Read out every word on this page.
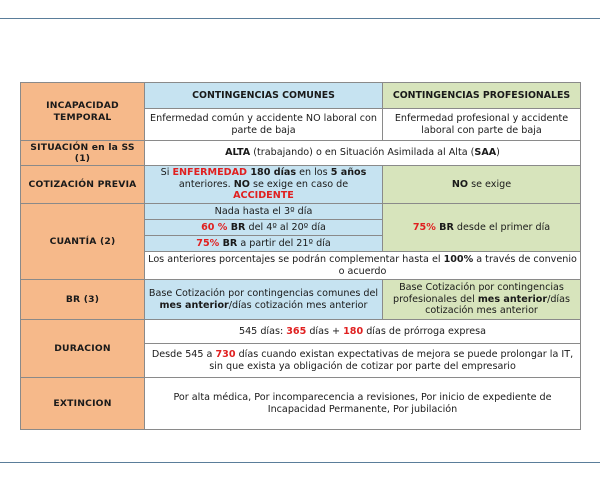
INCAPACIDAD TEMPORAL	CONTINGENCIAS COMUNES	CONTINGENCIAS PROFESIONALES
	Enfermedad común y accidente NO laboral con parte de baja	Enfermedad profesional y accidente laboral con parte de baja
SITUACIÓN en la SS (1)	ALTA (trabajando) o en Situación Asimilada al Alta (SAA)	
COTIZACIÓN PREVIA	Si ENFERMEDAD 180 días en los 5 años anteriores. NO se exige en caso de ACCIDENTE	NO se exige
CUANTÍA (2)	Nada hasta el 3º día	75% BR desde el primer día
	60 % BR del 4º al 20º día	
	75% BR a partir del 21º día	
	Los anteriores porcentajes se podrán complementar hasta el 100% a través de convenio o acuerdo	
BR (3)	Base Cotización por contingencias comunes del mes anterior/días cotización mes anterior	Base Cotización por contingencias profesionales del mes anterior/días cotización mes anterior
DURACION	545 días: 365 días + 180 días de prórroga expresa	
	Desde 545 a 730 días cuando existan expectativas de mejora se puede prolongar la IT, sin que exista ya obligación de cotizar por parte del empresario	
EXTINCION	Por alta médica, Por incomparecencia a revisiones, Por inicio de expediente de Incapacidad Permanente, Por jubilación	
